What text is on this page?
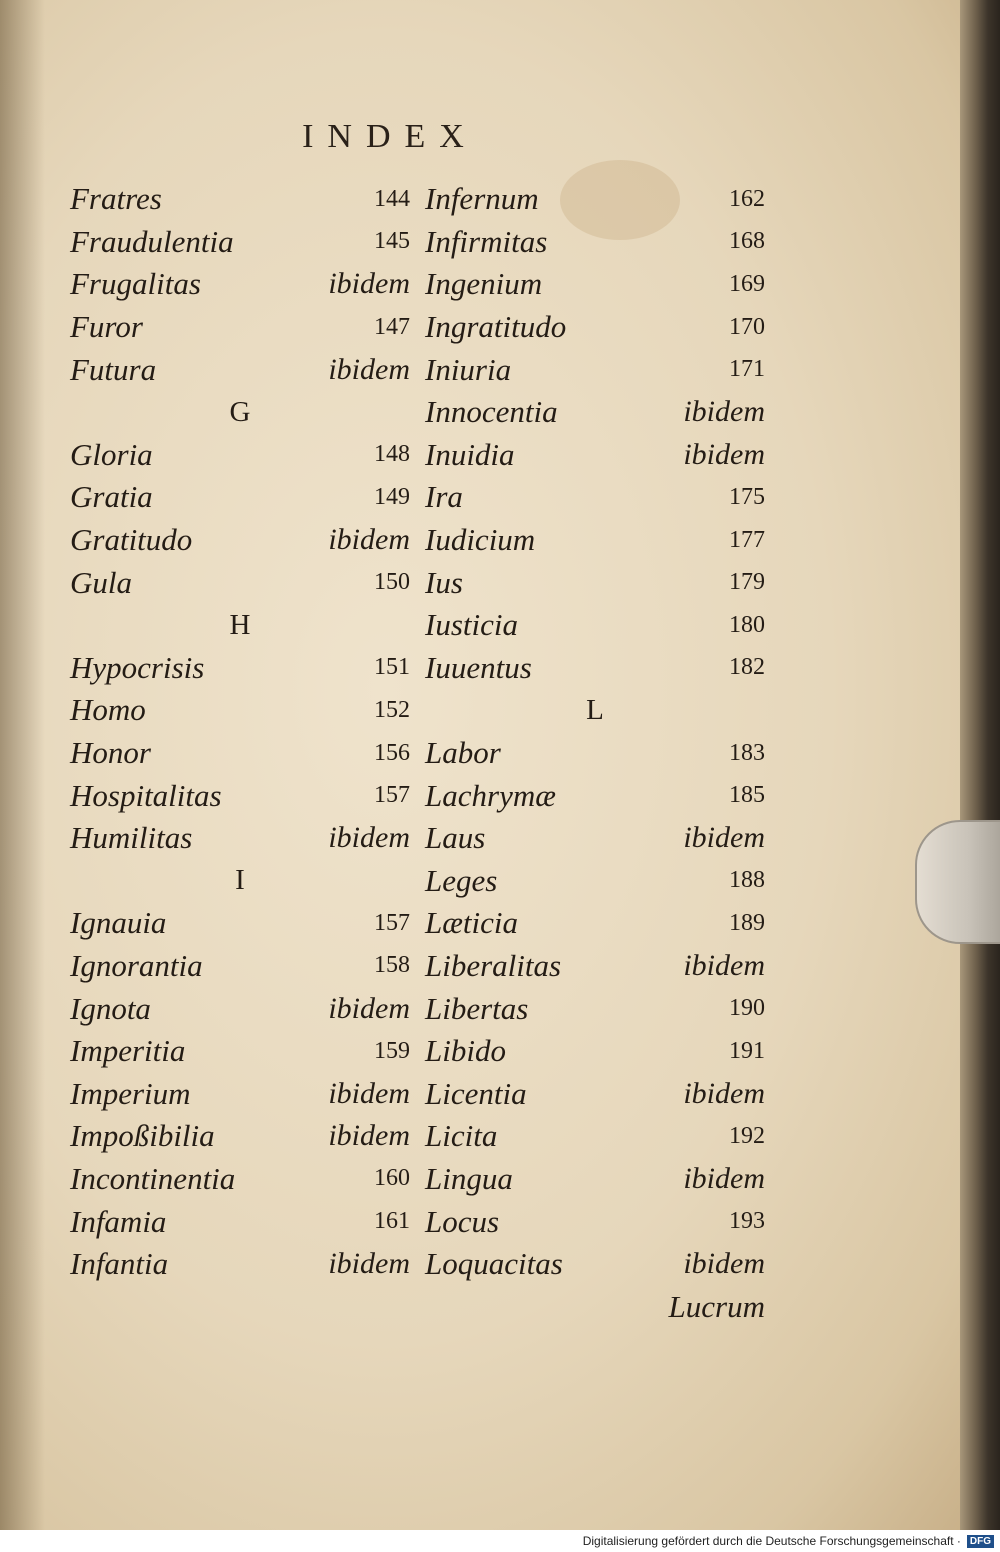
INDEX
Fratres	144
Fraudulentia	145
Frugalitas	ibidem
Furor	147
Futura	ibidem
G
Gloria	148
Gratia	149
Gratitudo	ibidem
Gula	150
H
Hypocrisis	151
Homo	152
Honor	156
Hospitalitas	157
Humilitas	ibidem
I
Ignauia	157
Ignorantia	158
Ignota	ibidem
Imperitia	159
Imperium	ibidem
Impoßibilia	ibidem
Incontinentia	160
Infamia	161
Infantia	ibidem
Infernum	162
Infirmitas	168
Ingenium	169
Ingratitudo	170
Iniuria	171
Innocentia	ibidem
Inuidia	ibidem
Ira	175
Iudicium	177
Ius	179
Iusticia	180
Iuuentus	182
L
Labor	183
Lachrymæ	185
Laus	ibidem
Leges	188
Læticia	189
Liberalitas	ibidem
Libertas	190
Libido	191
Licentia	ibidem
Licita	192
Lingua	ibidem
Locus	193
Loquacitas	ibidem
Lucrum
Digitalisierung gefördert durch die Deutsche Forschungsgemeinschaft · DFG
